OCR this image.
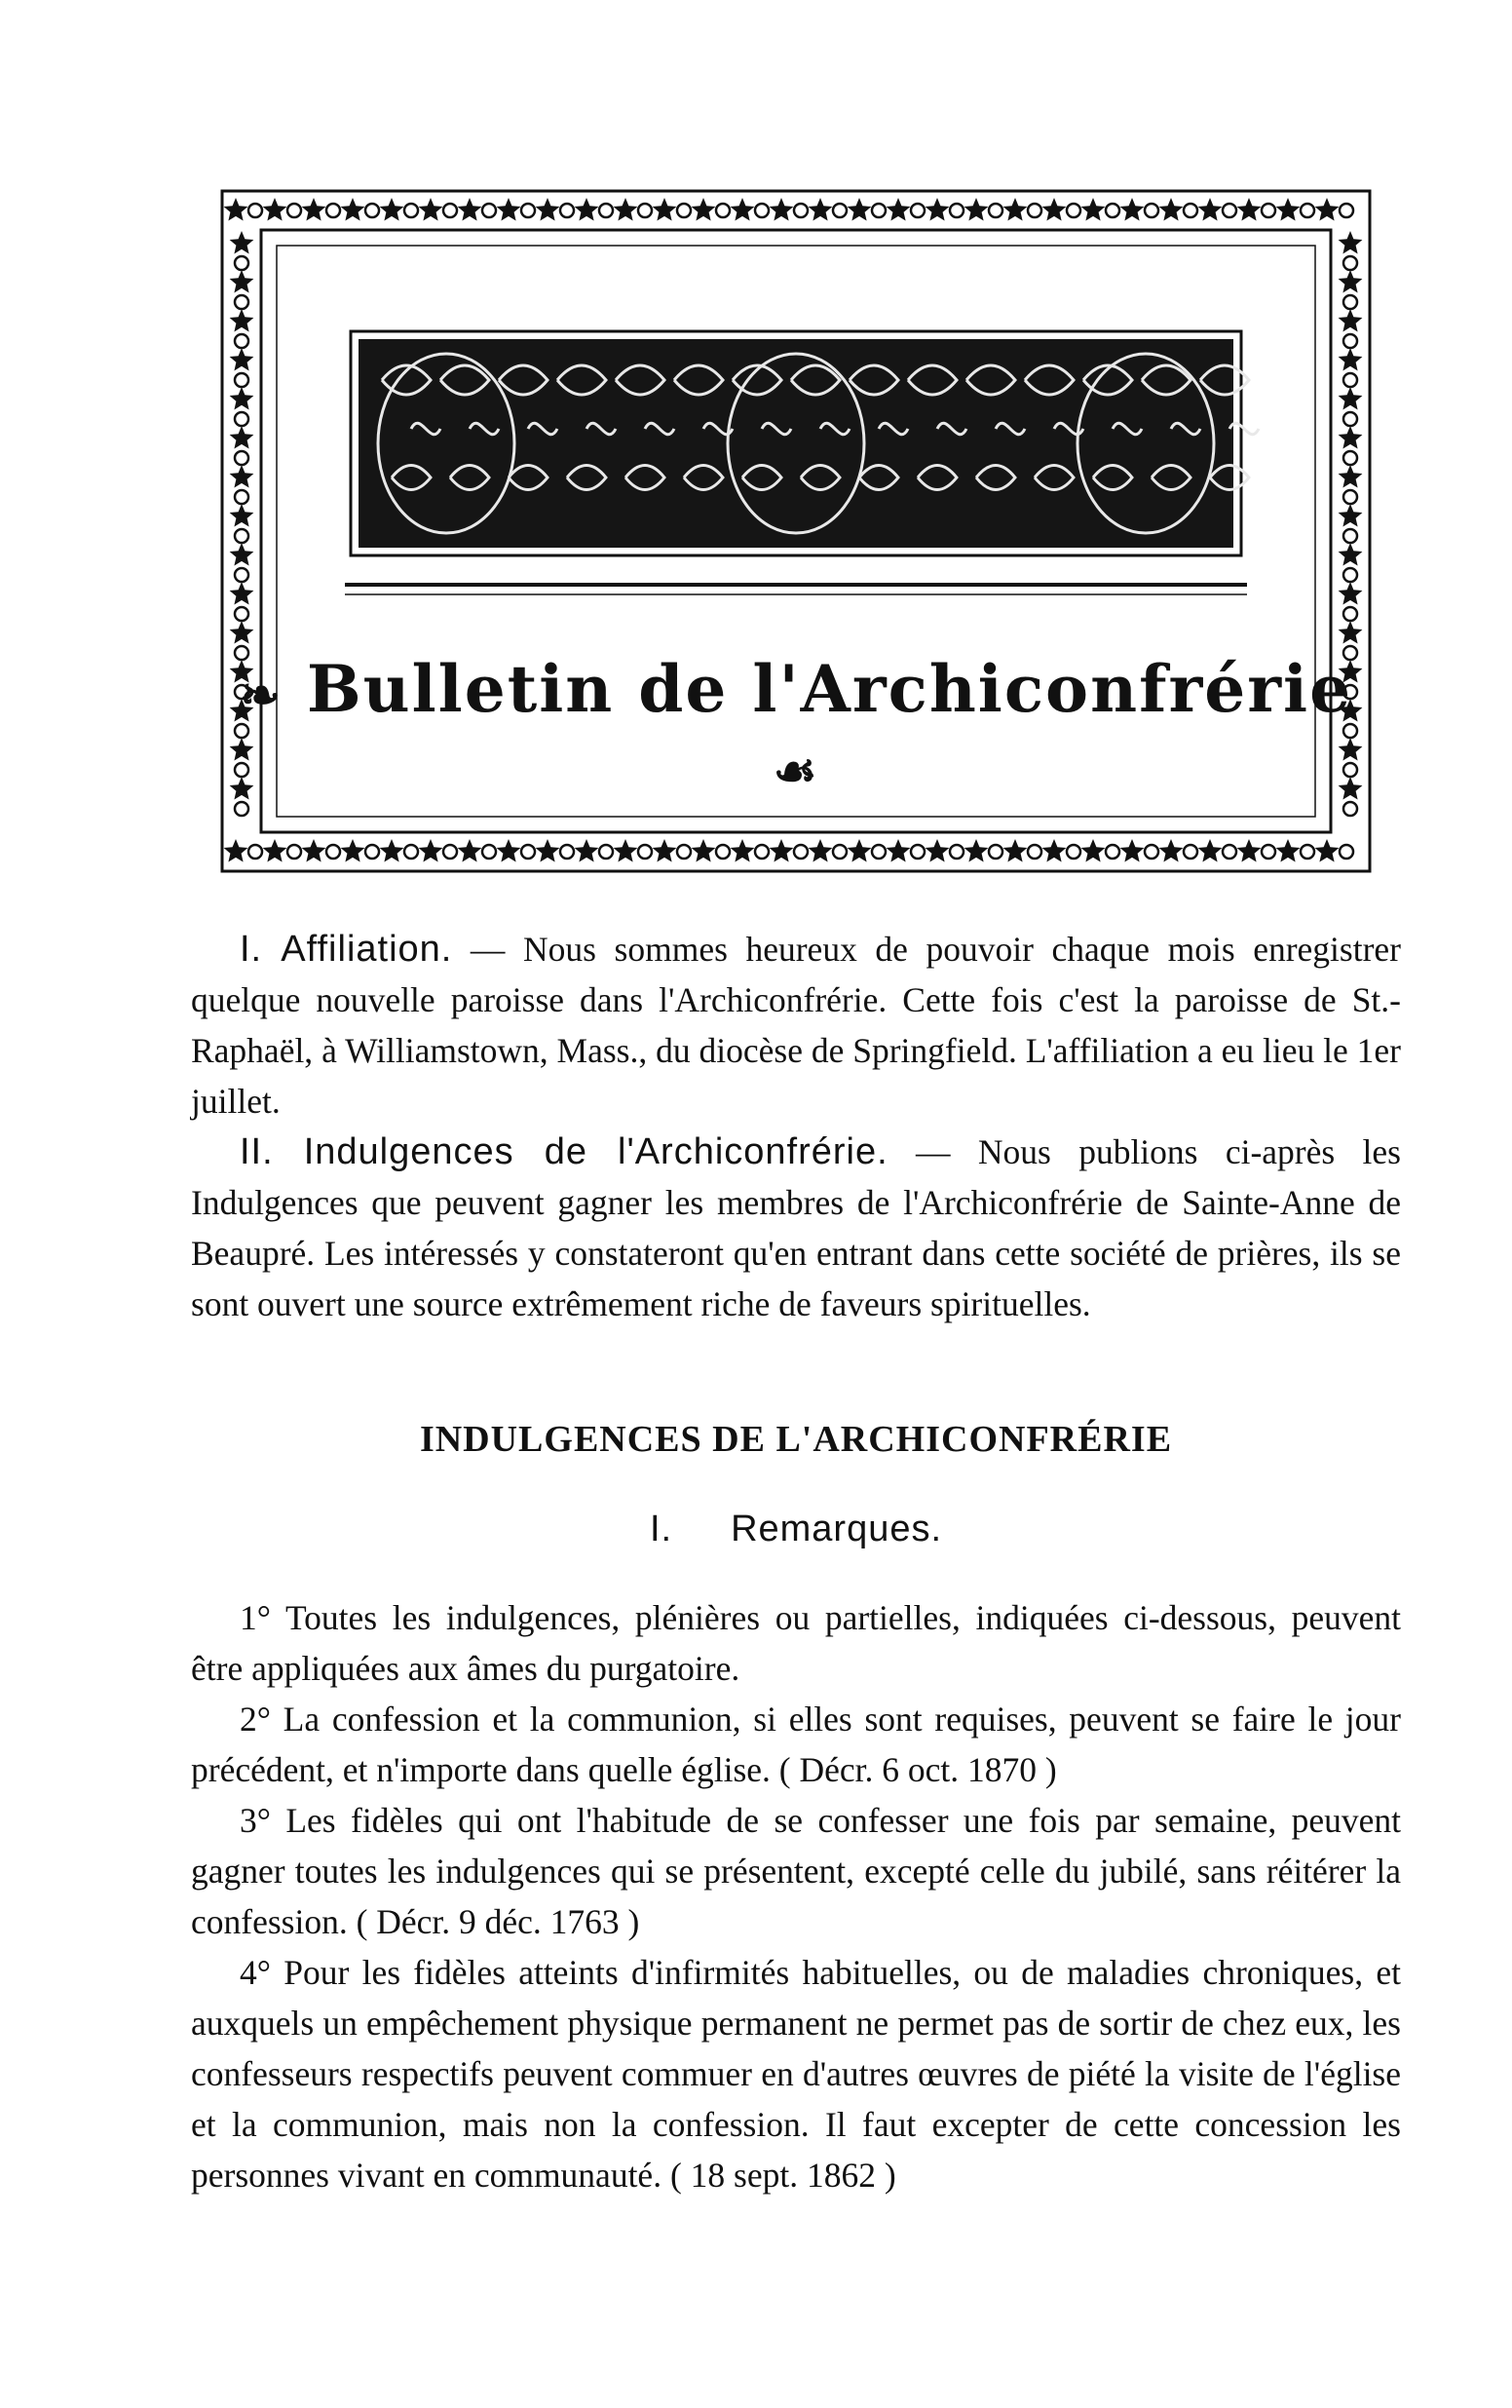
❧ Bulletin de l'Archiconfrérie ☙

I. Affiliation. — Nous sommes heureux de pouvoir chaque mois enregistrer quelque nouvelle paroisse dans l'Archiconfrérie. Cette fois c'est la paroisse de St.-Raphaël, à Williamstown, Mass., du diocèse de Springfield. L'affiliation a eu lieu le 1er juillet.

II. Indulgences de l'Archiconfrérie. — Nous publions ci-après les Indulgences que peuvent gagner les membres de l'Archiconfrérie de Sainte-Anne de Beaupré. Les intéressés y constateront qu'en entrant dans cette société de prières, ils se sont ouvert une source extrêmement riche de faveurs spirituelles.

INDULGENCES DE L'ARCHICONFRÉRIE
I. Remarques.

1° Toutes les indulgences, plénières ou partielles, indiquées ci-dessous, peuvent être appliquées aux âmes du purgatoire.

2° La confession et la communion, si elles sont requises, peuvent se faire le jour précédent, et n'importe dans quelle église. ( Décr. 6 oct. 1870 )

3° Les fidèles qui ont l'habitude de se confesser une fois par semaine, peuvent gagner toutes les indulgences qui se présentent, excepté celle du jubilé, sans réitérer la confession. ( Décr. 9 déc. 1763 )

4° Pour les fidèles atteints d'infirmités habituelles, ou de maladies chroniques, et auxquels un empêchement physique permanent ne permet pas de sortir de chez eux, les confesseurs respectifs peuvent commuer en d'autres œuvres de piété la visite de l'église et la communion, mais non la confession. Il faut excepter de cette concession les personnes vivant en communauté. ( 18 sept. 1862 )
